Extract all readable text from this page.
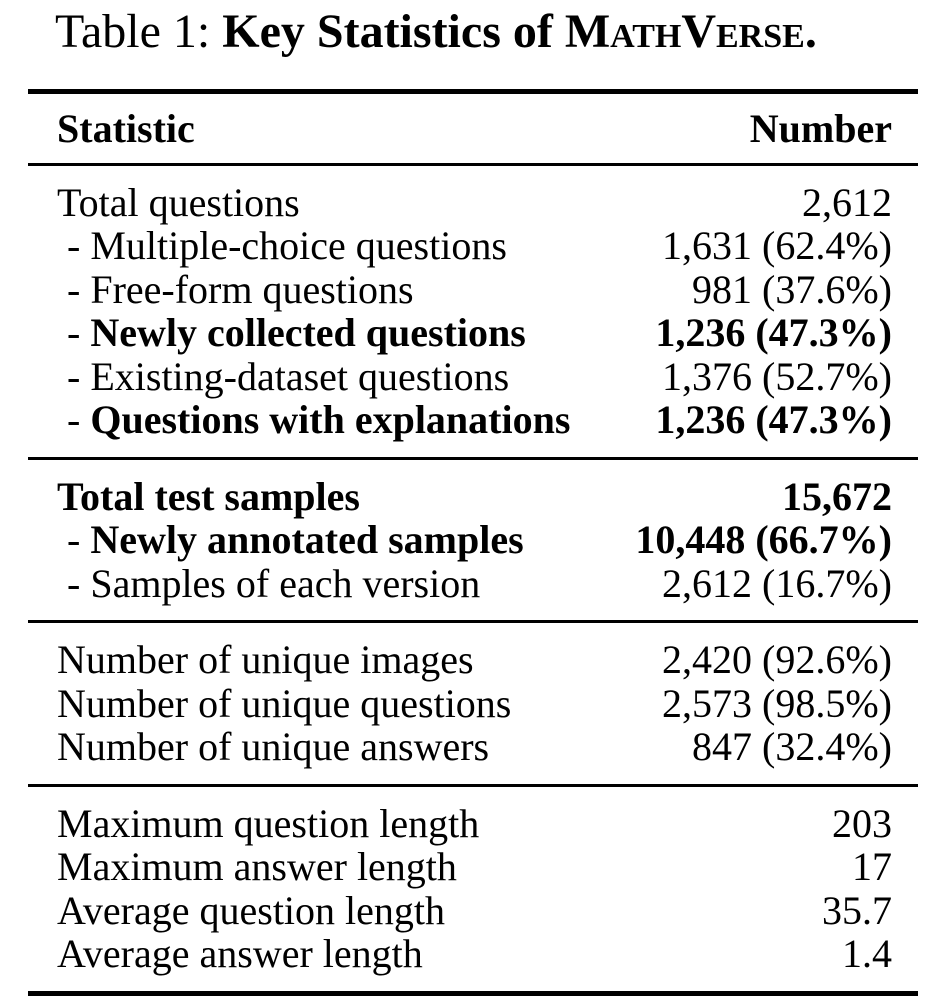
Table 1: Key Statistics of MathVerse.
Statistic	Number
Total questions	2,612
- Multiple-choice questions	1,631 (62.4%)
- Free-form questions	981 (37.6%)
- Newly collected questions	1,236 (47.3%)
- Existing-dataset questions	1,376 (52.7%)
- Questions with explanations 1,236 (47.3%)
Total test samples	15,672
- Newly annotated samples	10,448 (66.7%)
- Samples of each version	2,612 (16.7%)
Number of unique images	2,420 (92.6%)
Number of unique questions	2,573 (98.5%)
Number of unique answers	847 (32.4%)
Maximum question length	203
Maximum answer length	17
Average question length	35.7
Average answer length	1.4
